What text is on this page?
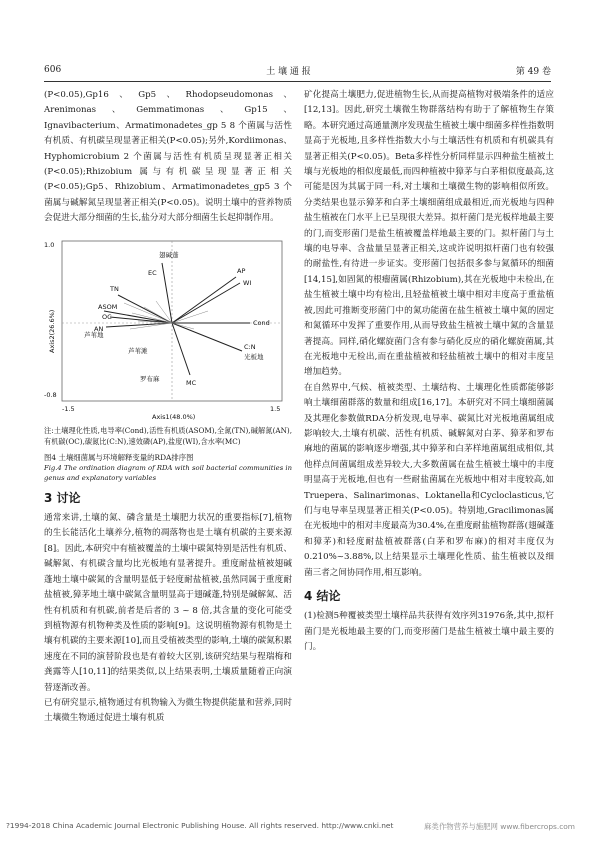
606	土 壤 通 报	第 49 卷

(P<0.05),Gp16、Gp5、Rhodopseudomonas、Arenimonas、Gemmatimonas、Gp15、Ignavibacterium、Armatimonadetes_gp 5 8 个菌属与活性有机质、有机碳呈现显著正相关(P<0.05);另外,Kordiimonas、Hyphomicrobium 2 个菌属与活性有机质呈现显著正相关(P<0.05);Rhizobium 属与有机碳呈现显著正相关(P<0.05);Gp5、Rhizobium、Armatimonadetes_gp5 3 个菌属与碱解氮呈现显著正相关(P<0.05)。说明土壤中的营养物质会促进大部分细菌的生长,盐分对大部分细菌生长起抑制作用。

翅碱蓬
EC	AP
WI
TN
ASOM
OC
AN
芦苇地
Cond
C:N
光板地
MC
罗布麻
芦苇滩
1.0
-0.8
-1.5	1.5
Axis1(48.0%)
Axis2(26.6%)
注:土壤理化性质,电导率(Cond),活性有机质(ASOM),全氮(TN),碱解氮(AN),有机碳(OC),碳氮比(C:N),速效磷(AP),盐度(WI),含水率(MC)
图4 土壤细菌属与环境解释变量的RDA排序图
Fig.4 The ordination diagram of RDA with soil bacterial communities in genus and explanatory variables
3 讨论

通常来讲,土壤的氮、磷含量是土壤肥力状况的重要指标[7],植物的生长能活化土壤养分,植物的凋落物也是土壤有机碳的主要来源[8]。因此,本研究中有植被覆盖的土壤中碳氮特别是活性有机质、碱解氮、有机碳含量均比光板地有显著提升。重度耐盐植被翅碱蓬地土壤中碳氮的含量明显低于轻度耐盐植被,虽然同属于重度耐盐植被,獐茅地土壤中碳氮含量明显高于翅碱蓬,特别是碱解氮、活性有机质和有机碳,前者是后者的 3 ~ 8 倍,其含量的变化可能受到植物源有机物种类及性质的影响[9]。这说明植物源有机物是土壤有机碳的主要来源[10],而且受植被类型的影响,土壤的碳氮积累速度在不同的演替阶段也是有着较大区别,该研究结果与程瑞梅和龚露等人[10,11]的结果类似,以上结果表明,土壤质量随着正向演替逐渐改善。

已有研究显示,植物通过有机物输入为微生物提供能量和营养,同时土壤微生物通过促进土壤有机质

矿化提高土壤肥力,促进植物生长,从而提高植物对极端条件的适应[12,13]。因此,研究土壤微生物群落结构有助于了解植物生存策略。本研究通过高通量测序发现盐生植被土壤中细菌多样性指数明显高于光板地,且多样性指数大小与土壤活性有机质和有机碳具有显著正相关(P<0.05)。Beta多样性分析同样显示四种盐生植被土壤与光板地的相似度最低,而四种植被中獐茅与白茅相似度最高,这可能是因为其属于同一科,对土壤和土壤微生物的影响相似所致。分类结果也显示獐茅和白茅土壤细菌组成最相近,而光板地与四种盐生植被在门水平上已呈现很大差异。拟杆菌门是光板样地最主要的门,而变形菌门是盐生植被覆盖样地最主要的门。拟杆菌门与土壤的电导率、含盐量呈显著正相关,这或许说明拟杆菌门也有较强的耐盐性,有待进一步证实。变形菌门包括很多参与氮循环的细菌[14,15],如固氮的根瘤菌属(Rhizobium),其在光板地中未检出,在盐生植被土壤中均有检出,且轻盐植被土壤中相对丰度高于重盐植被,因此可推断变形菌门中的氮功能菌在盐生植被土壤中氮的固定和氮循环中发挥了重要作用,从而导致盐生植被土壤中氮的含量显著提高。同样,硝化螺旋菌门含有参与硝化反应的硝化螺旋菌属,其在光板地中无检出,而在重盐植被和轻盐植被土壤中的相对丰度呈增加趋势。

在自然界中,气候、植被类型、土壤结构、土壤理化性质都能够影响土壤细菌群落的数量和组成[16,17]。本研究对不同土壤细菌属及其理化参数做RDA分析发现,电导率、碳氮比对光板地菌属组成影响较大,土壤有机碳、活性有机质、碱解氮对白茅、獐茅和罗布麻地的菌属的影响逐步增强,其中獐茅和白茅样地菌属组成相似,其他样点间菌属组成差异较大,大多数菌属在盐生植被土壤中的丰度明显高于光板地,但也有一些耐盐菌属在光板地中相对丰度较高,如Truepera、Salinarimonas、Loktanella和Cycloclasticus,它们与电导率呈现显著正相关(P<0.05)。特别地,Gracilimonas属在光板地中的相对丰度最高为30.4%,在重度耐盐植物群落(翅碱蓬和獐茅)和轻度耐盐植被群落(白茅和罗布麻)的相对丰度仅为0.210%~3.88%,以上结果显示土壤理化性质、盐生植被以及细菌三者之间协同作用,相互影响。

4 结论

(1)检测5种覆被类型土壤样品共获得有效序列31976条,其中,拟杆菌门是光板地最主要的门,而变形菌门是盐生植被土壤中最主要的门。

?1994-2018 China Academic Journal Electronic Publishing House. All rights reserved. http://www.cnki.net	麻类作物营养与施肥网 www.fibercrops.com
